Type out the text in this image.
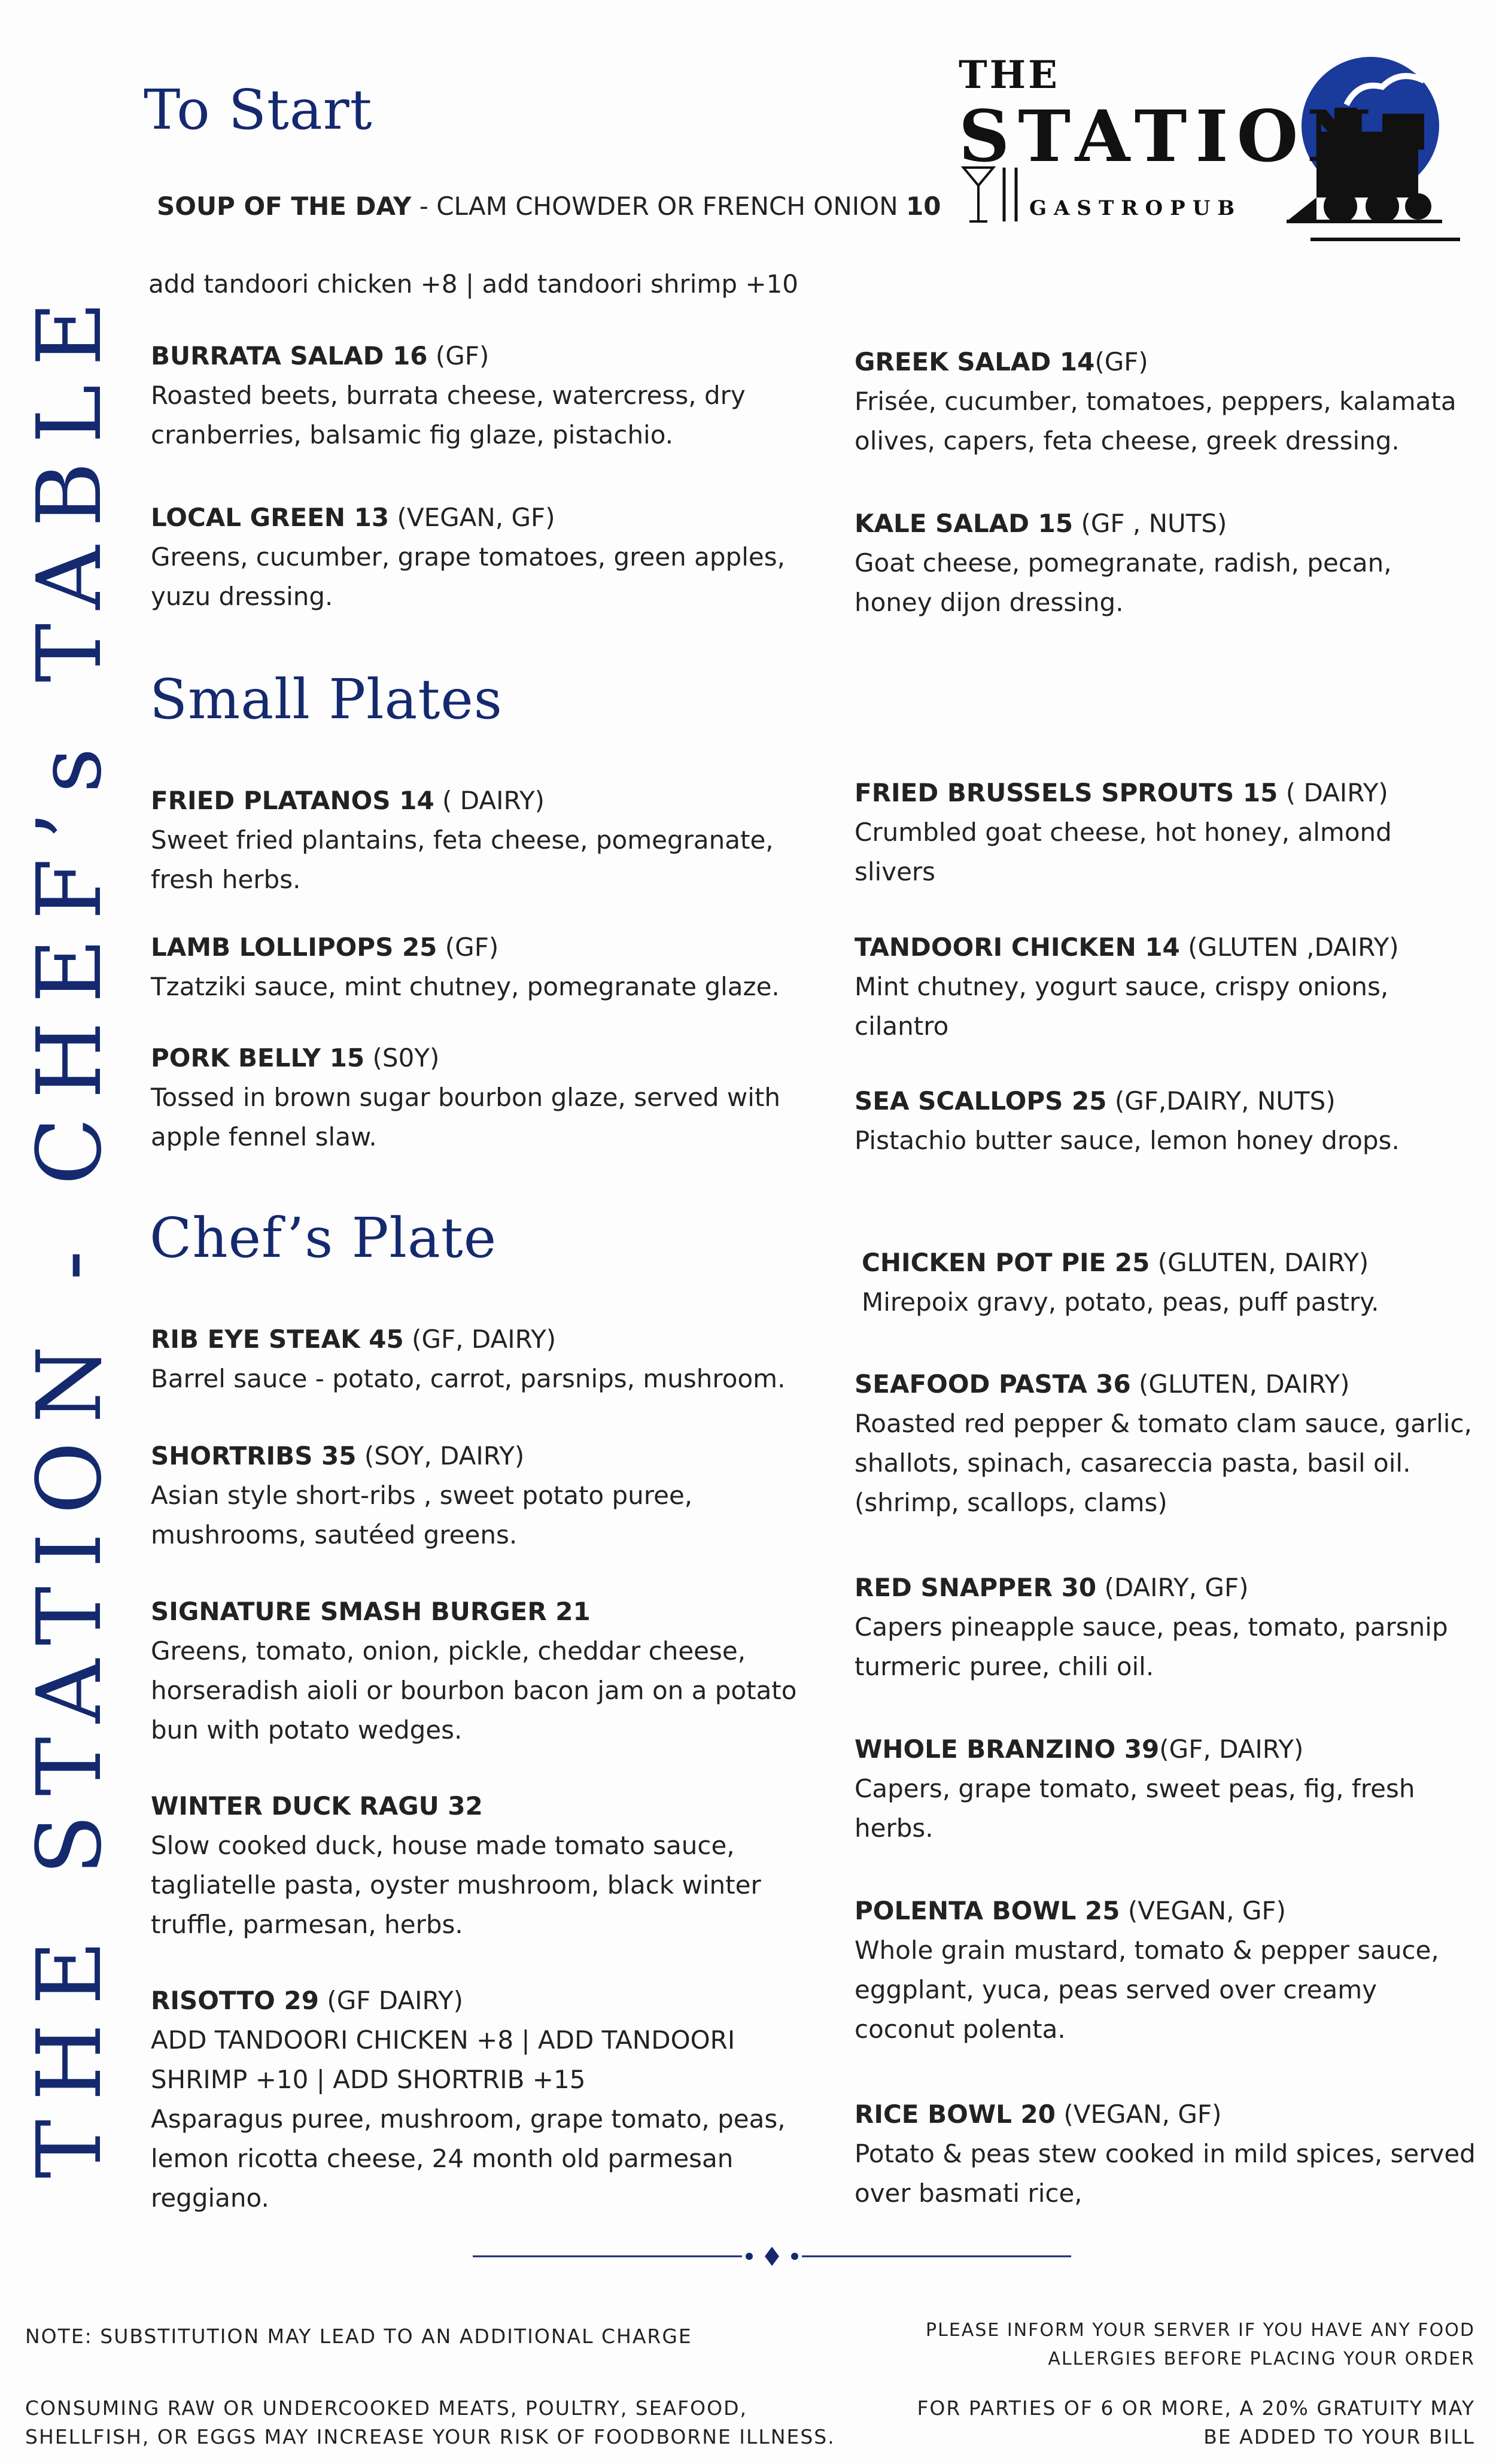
THE STATION - CHEF’s TABLE
THE
STATION
GASTROPUB
To Start
Small Plates
Chef’s Plate
SOUP OF THE DAY - CLAM CHOWDER OR FRENCH ONION 10
add tandoori chicken +8 | add tandoori shrimp +10
BURRATA SALAD 16 (GF)
Roasted beets, burrata cheese, watercress, dry cranberries, balsamic fig glaze, pistachio.
LOCAL GREEN 13 (VEGAN, GF)
Greens, cucumber, grape tomatoes, green apples, yuzu dressing.
GREEK SALAD 14(GF)
Frisée, cucumber, tomatoes, peppers, kalamata olives, capers, feta cheese, greek dressing.
KALE SALAD 15 (GF , NUTS)
Goat cheese, pomegranate, radish, pecan, honey dijon dressing.
FRIED PLATANOS 14 ( DAIRY)
Sweet fried plantains, feta cheese, pomegranate, fresh herbs.
LAMB LOLLIPOPS 25 (GF)
Tzatziki sauce, mint chutney, pomegranate glaze.
PORK BELLY 15 (S0Y)
Tossed in brown sugar bourbon glaze, served with apple fennel slaw.
FRIED BRUSSELS SPROUTS 15 ( DAIRY)
Crumbled goat cheese, hot honey, almond slivers
TANDOORI CHICKEN 14 (GLUTEN ,DAIRY)
Mint chutney, yogurt sauce, crispy onions, cilantro
SEA SCALLOPS 25 (GF,DAIRY, NUTS)
Pistachio butter sauce, lemon honey drops.
RIB EYE STEAK 45 (GF, DAIRY)
Barrel sauce - potato, carrot, parsnips, mushroom.
SHORTRIBS 35 (SOY, DAIRY)
Asian style short-ribs , sweet potato puree, mushrooms, sautéed greens.
SIGNATURE SMASH BURGER 21
Greens, tomato, onion, pickle, cheddar cheese, horseradish aioli or bourbon bacon jam on a potato bun with potato wedges.
WINTER DUCK RAGU 32
Slow cooked duck, house made tomato sauce, tagliatelle pasta, oyster mushroom, black winter truffle, parmesan, herbs.
RISOTTO 29 (GF DAIRY)
ADD TANDOORI CHICKEN +8 | ADD TANDOORI SHRIMP +10 | ADD SHORTRIB +15
Asparagus puree, mushroom, grape tomato, peas, lemon ricotta cheese, 24 month old parmesan reggiano.
CHICKEN POT PIE 25 (GLUTEN, DAIRY)
Mirepoix gravy, potato, peas, puff pastry.
SEAFOOD PASTA 36 (GLUTEN, DAIRY)
Roasted red pepper & tomato clam sauce, garlic, shallots, spinach, casareccia pasta, basil oil. (shrimp, scallops, clams)
RED SNAPPER 30 (DAIRY, GF)
Capers pineapple sauce, peas, tomato, parsnip turmeric puree, chili oil.
WHOLE BRANZINO 39(GF, DAIRY)
Capers, grape tomato, sweet peas, fig, fresh herbs.
POLENTA BOWL 25 (VEGAN, GF)
Whole grain mustard, tomato & pepper sauce, eggplant, yuca, peas served over creamy coconut polenta.
RICE BOWL 20 (VEGAN, GF)
Potato & peas stew cooked in mild spices, served over basmati rice,
NOTE: SUBSTITUTION MAY LEAD TO AN ADDITIONAL CHARGE	PLEASE INFORM YOUR SERVER IF YOU HAVE ANY FOOD ALLERGIES BEFORE PLACING YOUR ORDER
CONSUMING RAW OR UNDERCOOKED MEATS, POULTRY, SEAFOOD, SHELLFISH, OR EGGS MAY INCREASE YOUR RISK OF FOODBORNE ILLNESS.
FOR PARTIES OF 6 OR MORE, A 20% GRATUITY MAY BE ADDED TO YOUR BILL
